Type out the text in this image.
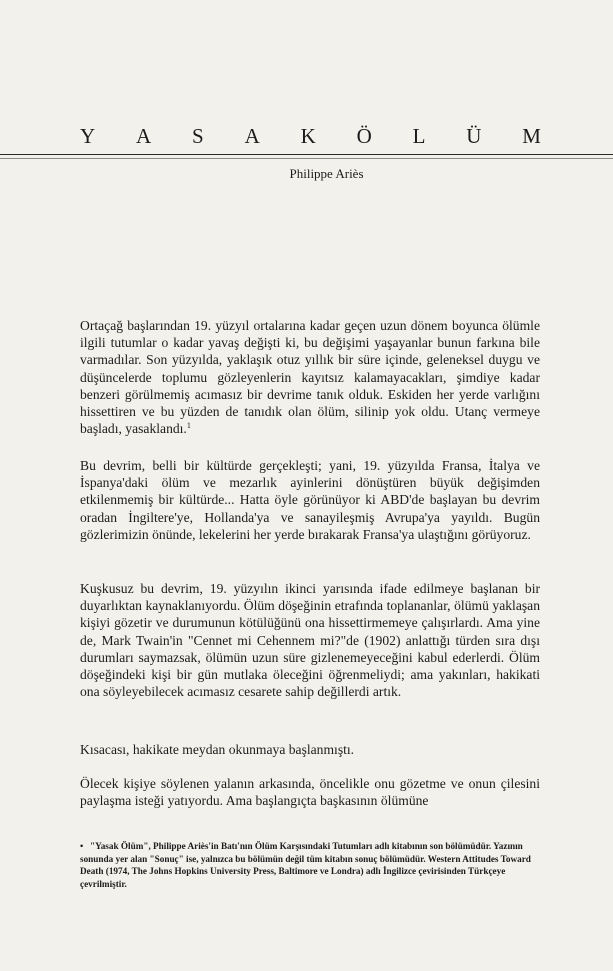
Y A S A K Ö L Ü M
Philippe Ariès

Ortaçağ başlarından 19. yüzyıl ortalarına kadar geçen uzun dönem boyunca ölümle ilgili tutumlar o kadar yavaş değişti ki, bu değişimi yaşayanlar bunun farkına bile varmadılar. Son yüzyılda, yaklaşık otuz yıllık bir süre içinde, geleneksel duygu ve düşüncelerde toplumu gözleyenlerin kayıtsız kalamayacakları, şimdiye kadar benzeri görülmemiş acımasız bir devrime tanık olduk. Eskiden her yerde varlığını hissettiren ve bu yüzden de tanıdık olan ölüm, silinip yok oldu. Utanç vermeye başladı, yasaklandı.$^1$

Bu devrim, belli bir kültürde gerçekleşti; yani, 19. yüzyılda Fransa, İtalya ve İspanya'daki ölüm ve mezarlık ayinlerini dönüştüren büyük değişimden etkilenmemiş bir kültürde... Hatta öyle görünüyor ki ABD'de başlayan bu devrim oradan İngiltere'ye, Hollanda'ya ve sanayileşmiş Avrupa'ya yayıldı. Bugün gözlerimizin önünde, lekelerini her yerde bırakarak Fransa'ya ulaştığını görüyoruz.

Kuşkusuz bu devrim, 19. yüzyılın ikinci yarısında ifade edilmeye başlanan bir duyarlıktan kaynaklanıyordu. Ölüm döşeğinin etrafında toplananlar, ölümü yaklaşan kişiyi gözetir ve durumunun kötülüğünü ona hissettirmemeye çalışırlardı. Ama yine de, Mark Twain'in "Cennet mi Cehennem mi?"de (1902) anlattığı türden sıra dışı durumları saymazsak, ölümün uzun süre gizlenemeyeceğini kabul ederlerdi. Ölüm döşeğindeki kişi bir gün mutlaka öleceğini öğrenmeliydi; ama yakınları, hakikati ona söyleyebilecek acımasız cesarete sahip değillerdi artık.

Kısacası, hakikate meydan okunmaya başlanmıştı.

Ölecek kişiye söylenen yalanın arkasında, öncelikle onu gözetme ve onun çilesini paylaşma isteği yatıyordu. Ama başlangıçta başkasının ölümüne

• "Yasak Ölüm", Philippe Ariès'in Batı'nın Ölüm Karşısındaki Tutumları adlı kitabının son bölümüdür. Yazının sonunda yer alan "Sonuç" ise, yalnızca bu bölümün değil tüm kitabın sonuç bölümüdür. Western Attitudes Toward Death (1974, The Johns Hopkins University Press, Baltimore ve Londra) adlı İngilizce çevirisinden Türkçeye çevrilmiştir.
